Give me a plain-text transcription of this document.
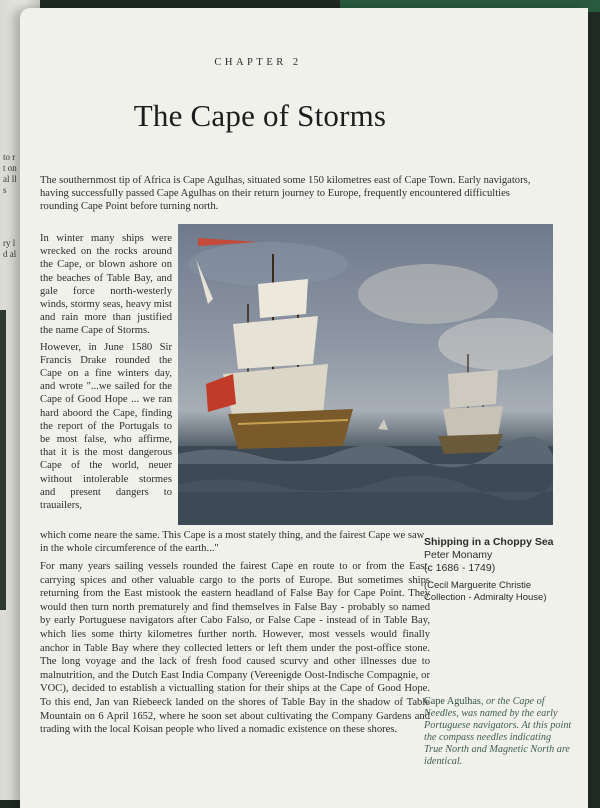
to rt on al lls
ry ld al
CHAPTER 2
The Cape of Storms
The southernmost tip of Africa is Cape Agulhas, situated some 150 kilometres east of Cape Town. Early navigators, having successfully passed Cape Agulhas on their return journey to Europe, frequently encountered difficulties rounding Cape Point before turning north.

In winter many ships were wrecked on the rocks around the Cape, or blown ashore on the beaches of Table Bay, and gale force north-westerly winds, stormy seas, heavy mist and rain more than justified the name Cape of Storms.

However, in June 1580 Sir Francis Drake rounded the Cape on a fine winters day, and wrote "...we sailed for the Cape of Good Hope ... we ran hard aboord the Cape, finding the report of the Portugals to be most false, who affirme, that it is the most dangerous Cape of the world, neuer without intolerable stormes and present dangers to trauailers,

which come neare the same. This Cape is a most stately thing, and the fairest Cape we saw in the whole circumference of the earth..."
Shipping in a Choppy Sea
Peter Monamy
(c 1686 - 1749)
(Cecil Marguerite Christie Collection - Admiralty House)
For many years sailing vessels rounded the fairest Cape en route to or from the East, carrying spices and other valuable cargo to the ports of Europe. But sometimes ships returning from the East mistook the eastern headland of False Bay for Cape Point. They would then turn north prematurely and find themselves in False Bay - probably so named by early Portuguese navigators after Cabo Falso, or False Cape - instead of in Table Bay, which lies some thirty kilometres further north. However, most vessels would finally anchor in Table Bay where they collected letters or left them under the post-office stone. The long voyage and the lack of fresh food caused scurvy and other illnesses due to malnutrition, and the Dutch East India Company (Vereenigde Oost-Indische Compagnie, or VOC), decided to establish a victualling station for their ships at the Cape of Good Hope. To this end, Jan van Riebeeck landed on the shores of Table Bay in the shadow of Table Mountain on 6 April 1652, where he soon set about cultivating the Company Gardens and trading with the local Koisan people who lived a nomadic existence on these shores.
Cape Agulhas, or the Cape of Needles, was named by the early Portuguese navigators. At this point the compass needles indicating True North and Magnetic North are identical.
